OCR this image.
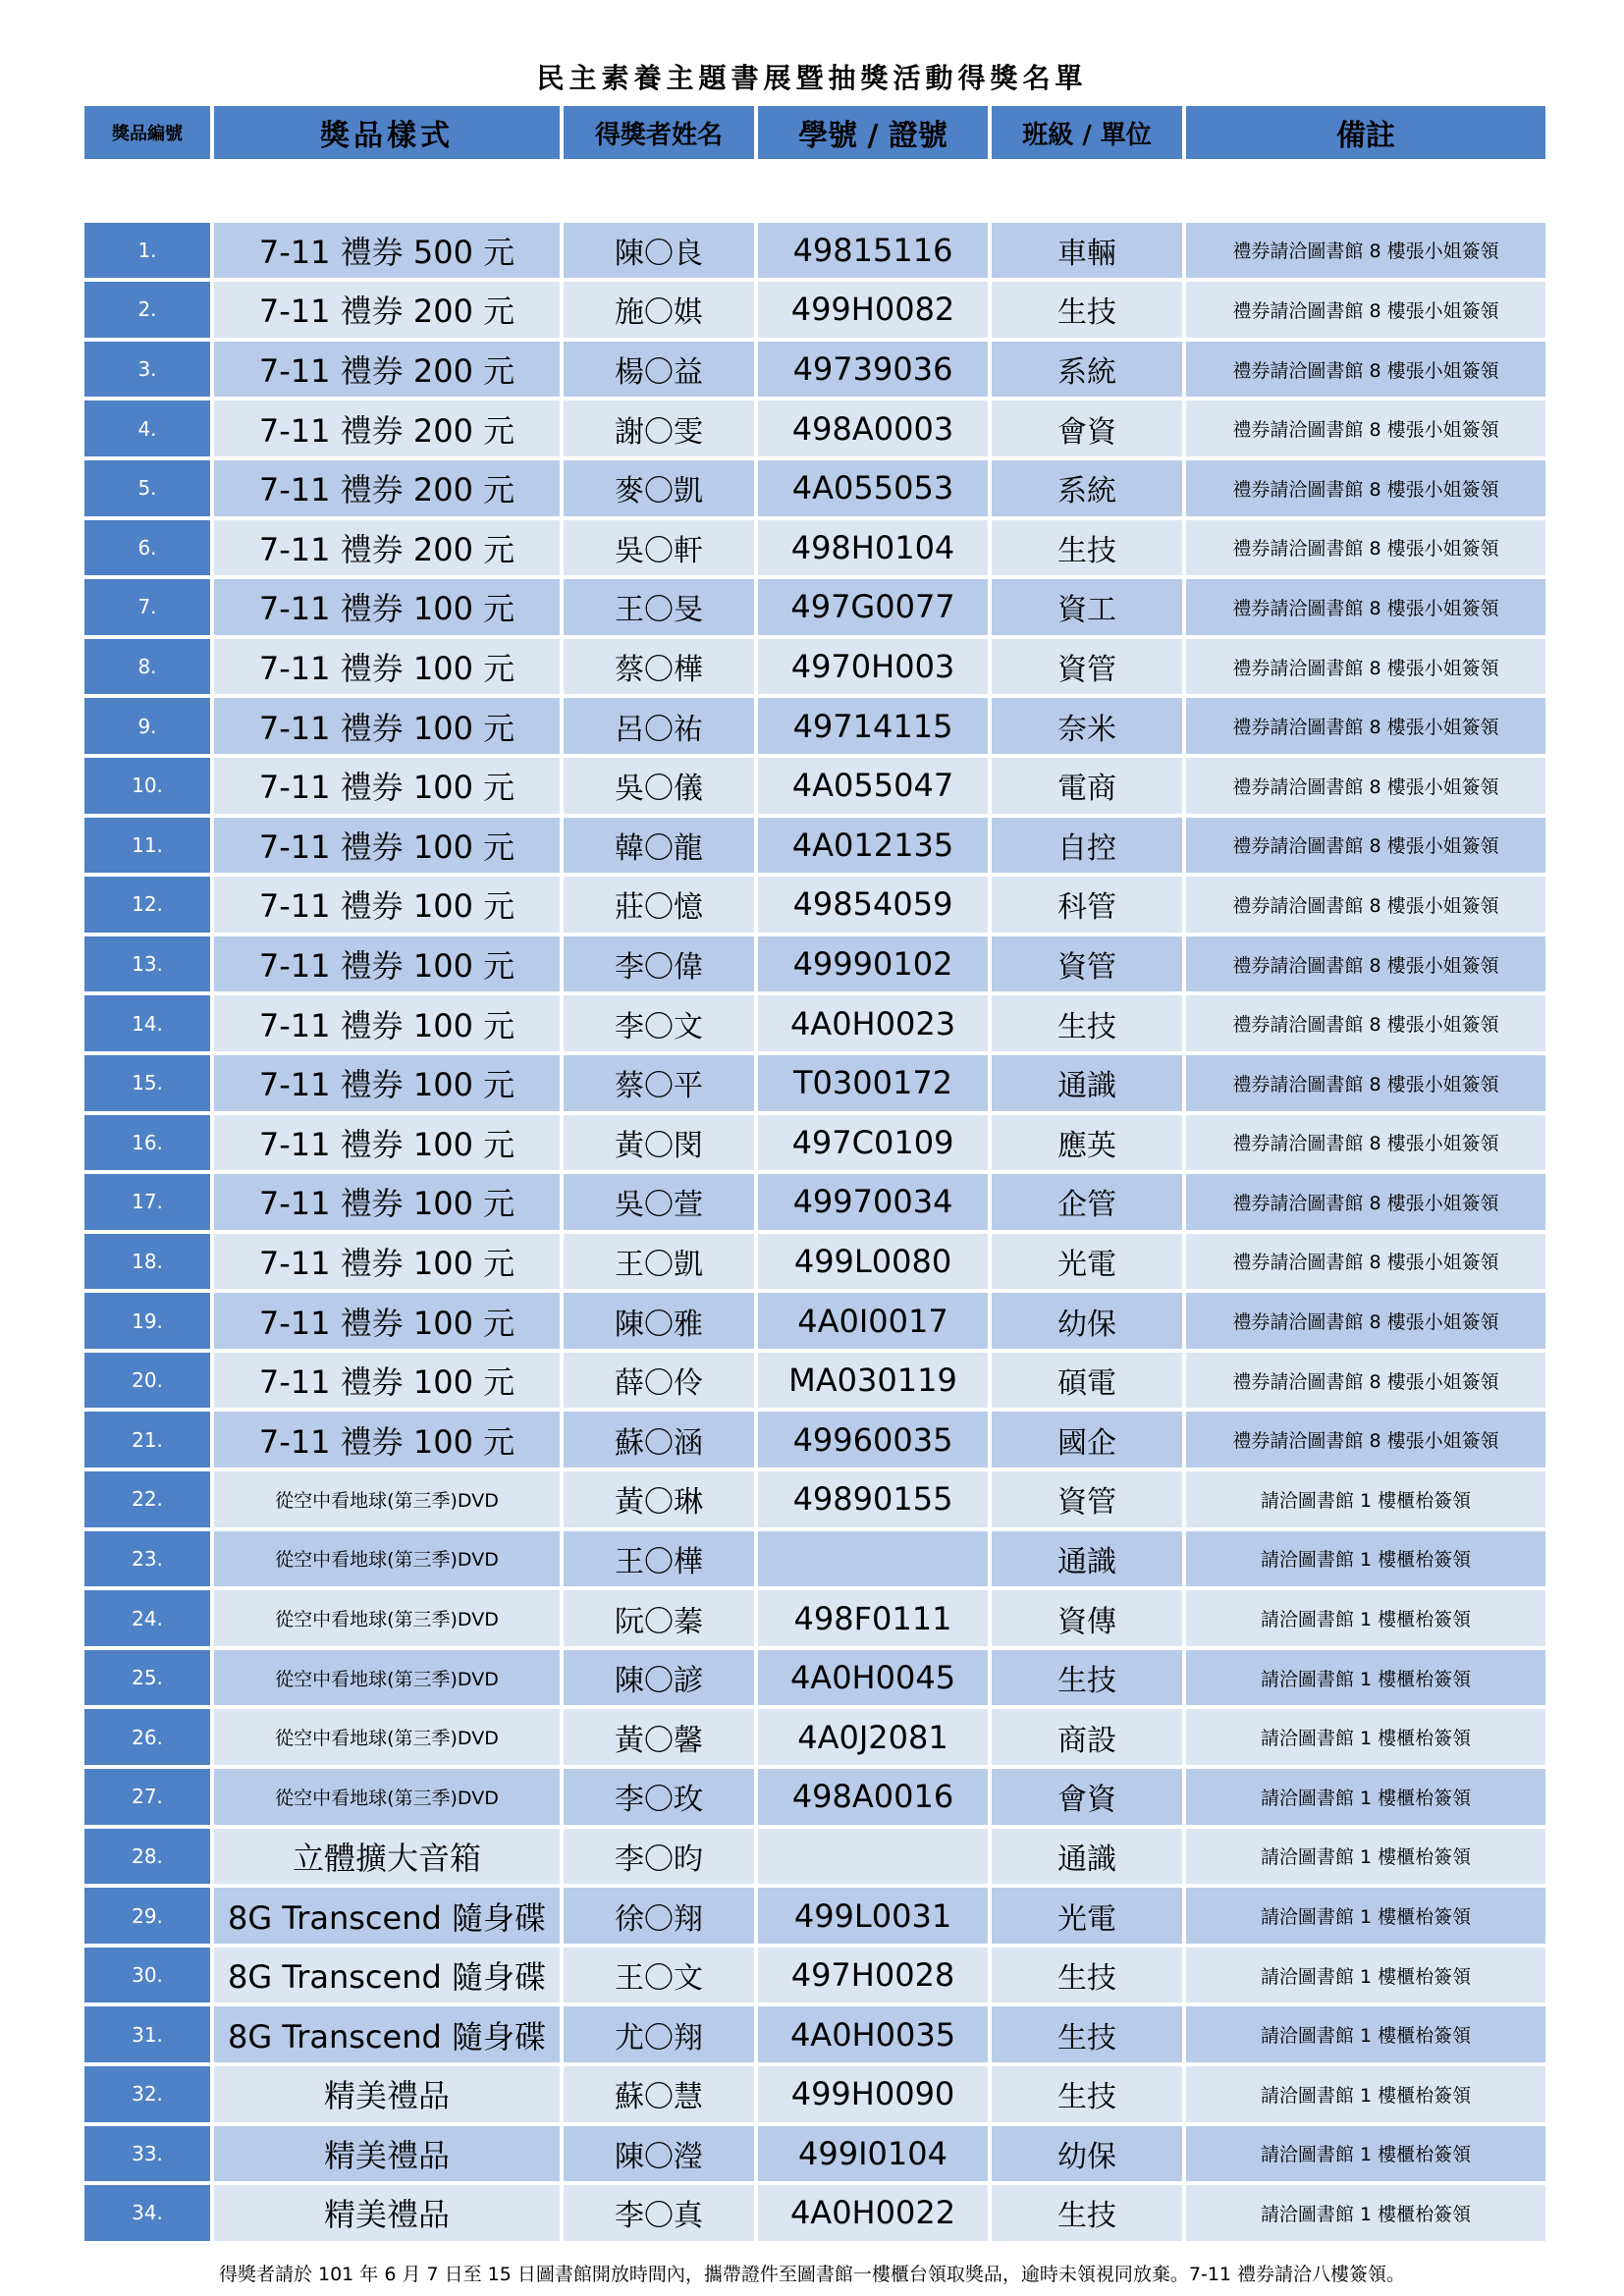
民主素養主題書展暨抽獎活動得獎名單
獎品編號	獎品樣式	得獎者姓名	學號 / 證號	班級 / 單位	備註

1.	7-11 禮券 500 元	陳〇良	49815116	車輛	禮券請洽圖書館 8 樓張小姐簽領
2.	7-11 禮券 200 元	施〇娸	499H0082	生技	禮券請洽圖書館 8 樓張小姐簽領
3.	7-11 禮券 200 元	楊〇益	49739036	系統	禮券請洽圖書館 8 樓張小姐簽領
4.	7-11 禮券 200 元	謝〇雯	498A0003	會資	禮券請洽圖書館 8 樓張小姐簽領
5.	7-11 禮券 200 元	麥〇凱	4A055053	系統	禮券請洽圖書館 8 樓張小姐簽領
6.	7-11 禮券 200 元	吳〇軒	498H0104	生技	禮券請洽圖書館 8 樓張小姐簽領
7.	7-11 禮券 100 元	王〇旻	497G0077	資工	禮券請洽圖書館 8 樓張小姐簽領
8.	7-11 禮券 100 元	蔡〇樺	4970H003	資管	禮券請洽圖書館 8 樓張小姐簽領
9.	7-11 禮券 100 元	呂〇祐	49714115	奈米	禮券請洽圖書館 8 樓張小姐簽領
10.	7-11 禮券 100 元	吳〇儀	4A055047	電商	禮券請洽圖書館 8 樓張小姐簽領
11.	7-11 禮券 100 元	韓〇龍	4A012135	自控	禮券請洽圖書館 8 樓張小姐簽領
12.	7-11 禮券 100 元	莊〇憶	49854059	科管	禮券請洽圖書館 8 樓張小姐簽領
13.	7-11 禮券 100 元	李〇偉	49990102	資管	禮券請洽圖書館 8 樓張小姐簽領
14.	7-11 禮券 100 元	李〇文	4A0H0023	生技	禮券請洽圖書館 8 樓張小姐簽領
15.	7-11 禮券 100 元	蔡〇平	T0300172	通識	禮券請洽圖書館 8 樓張小姐簽領
16.	7-11 禮券 100 元	黃〇閔	497C0109	應英	禮券請洽圖書館 8 樓張小姐簽領
17.	7-11 禮券 100 元	吳〇萱	49970034	企管	禮券請洽圖書館 8 樓張小姐簽領
18.	7-11 禮券 100 元	王〇凱	499L0080	光電	禮券請洽圖書館 8 樓張小姐簽領
19.	7-11 禮券 100 元	陳〇雅	4A0I0017	幼保	禮券請洽圖書館 8 樓張小姐簽領
20.	7-11 禮券 100 元	薛〇伶	MA030119	碩電	禮券請洽圖書館 8 樓張小姐簽領
21.	7-11 禮券 100 元	蘇〇涵	49960035	國企	禮券請洽圖書館 8 樓張小姐簽領
22.	從空中看地球(第三季)DVD	黃〇琳	49890155	資管	請洽圖書館 1 樓櫃枱簽領
23.	從空中看地球(第三季)DVD	王〇樺		通識	請洽圖書館 1 樓櫃枱簽領
24.	從空中看地球(第三季)DVD	阮〇蓁	498F0111	資傳	請洽圖書館 1 樓櫃枱簽領
25.	從空中看地球(第三季)DVD	陳〇諺	4A0H0045	生技	請洽圖書館 1 樓櫃枱簽領
26.	從空中看地球(第三季)DVD	黃〇馨	4A0J2081	商設	請洽圖書館 1 樓櫃枱簽領
27.	從空中看地球(第三季)DVD	李〇玫	498A0016	會資	請洽圖書館 1 樓櫃枱簽領
28.	立體擴大音箱	李〇昀		通識	請洽圖書館 1 樓櫃枱簽領
29.	8G Transcend 隨身碟	徐〇翔	499L0031	光電	請洽圖書館 1 樓櫃枱簽領
30.	8G Transcend 隨身碟	王〇文	497H0028	生技	請洽圖書館 1 樓櫃枱簽領
31.	8G Transcend 隨身碟	尤〇翔	4A0H0035	生技	請洽圖書館 1 樓櫃枱簽領
32.	精美禮品	蘇〇慧	499H0090	生技	請洽圖書館 1 樓櫃枱簽領
33.	精美禮品	陳〇瀅	499I0104	幼保	請洽圖書館 1 樓櫃枱簽領
34.	精美禮品	李〇真	4A0H0022	生技	請洽圖書館 1 樓櫃枱簽領
得獎者請於 101 年 6 月 7 日至 15 日圖書館開放時間內，攜帶證件至圖書館一樓櫃台領取獎品，逾時未領視同放棄。7-11 禮券請洽八樓簽領。
